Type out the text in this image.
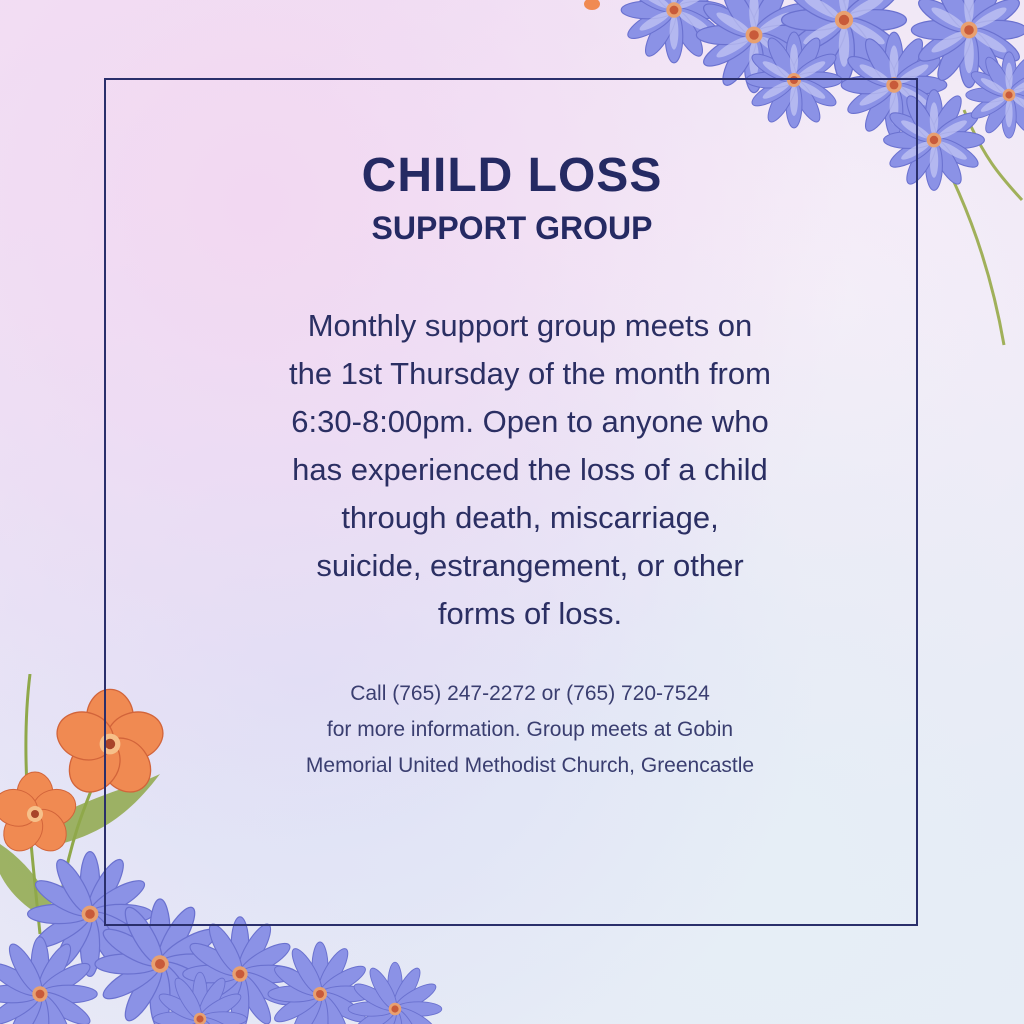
CHILD LOSS
SUPPORT GROUP

Monthly support group meets on
the 1st Thursday of the month from
6:30-8:00pm. Open to anyone who
has experienced the loss of a child
through death, miscarriage,
suicide, estrangement, or other
forms of loss.

Call (765) 247-2272 or (765) 720-7524
for more information. Group meets at Gobin
Memorial United Methodist Church, Greencastle
